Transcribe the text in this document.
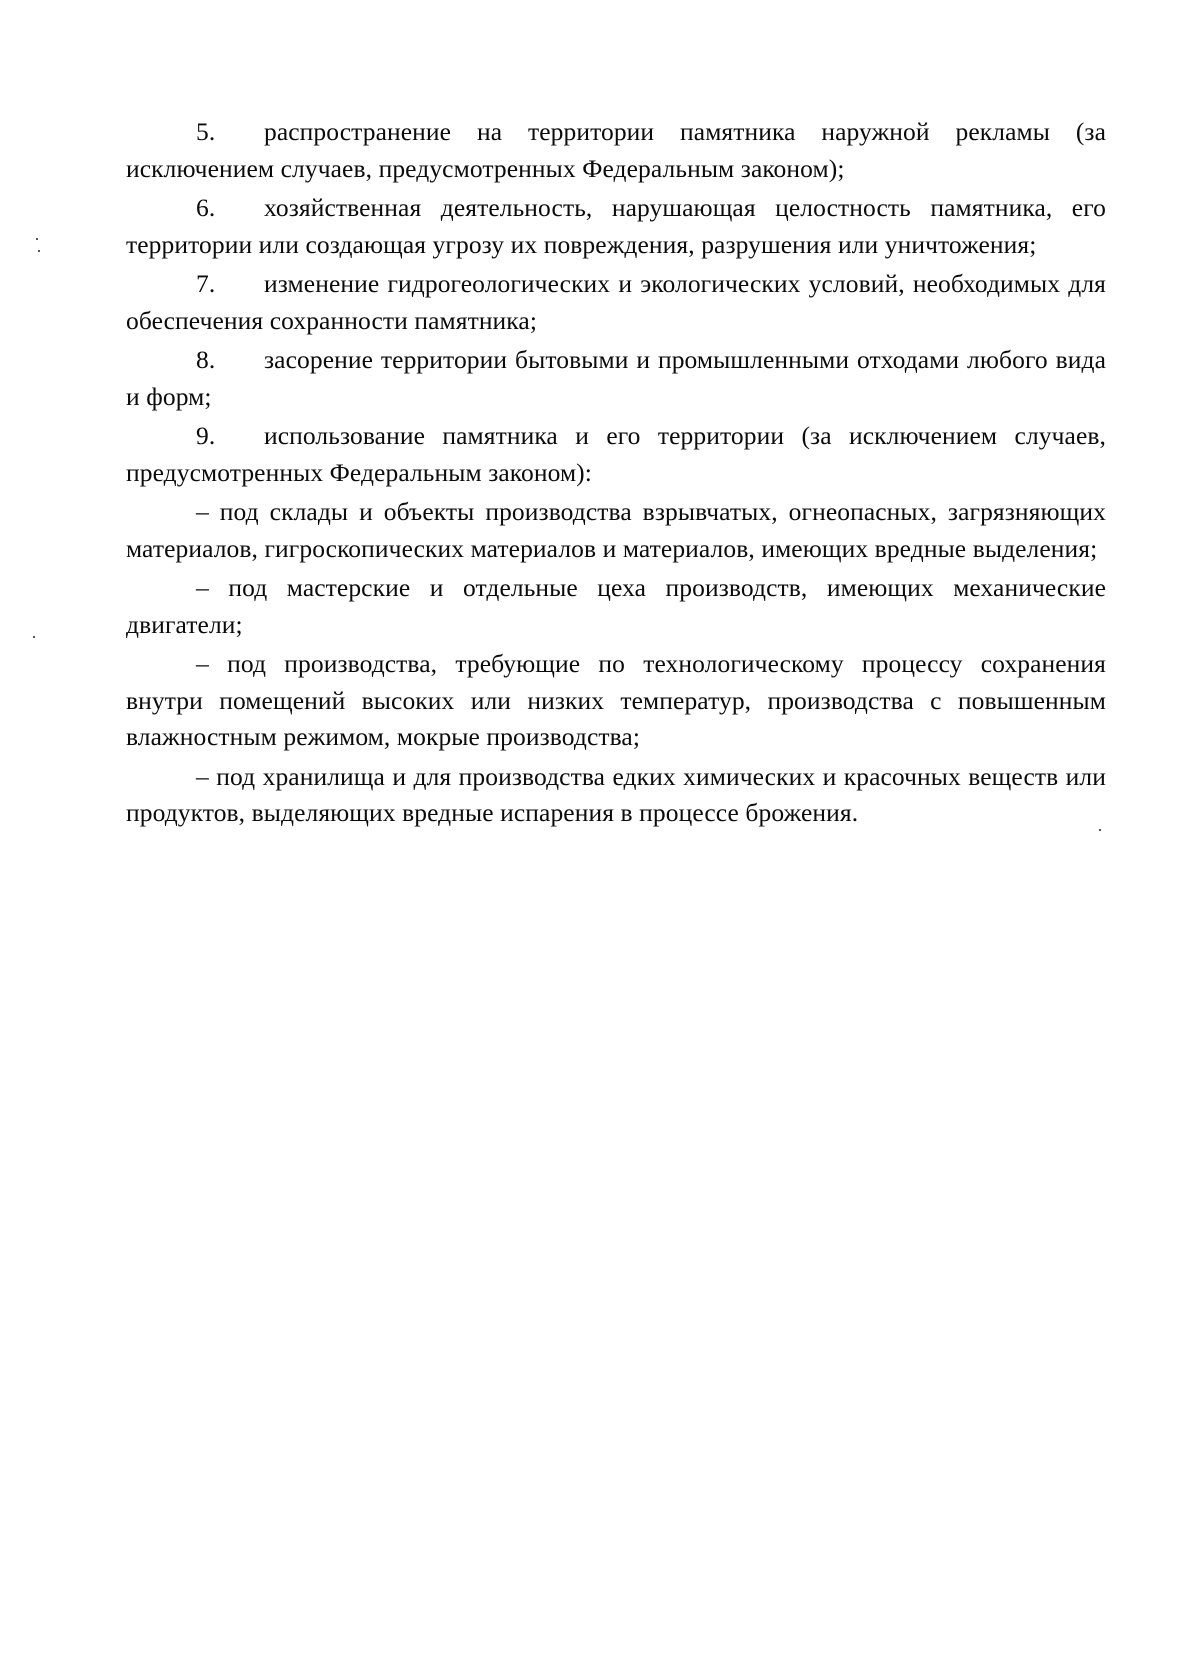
5. распространение на территории памятника наружной рекламы (за исключением случаев, предусмотренных Федеральным законом);

6. хозяйственная деятельность, нарушающая целостность памятника, его территории или создающая угрозу их повреждения, разрушения или уничтожения;

7. изменение гидрогеологических и экологических условий, необходимых для обеспечения сохранности памятника;

8. засорение территории бытовыми и промышленными отходами любого вида и форм;

9. использование памятника и его территории (за исключением случаев, предусмотренных Федеральным законом):

– под склады и объекты производства взрывчатых, огнеопасных, загрязняющих материалов, гигроскопических материалов и материалов, имеющих вредные выделения;

– под мастерские и отдельные цеха производств, имеющих механические двигатели;

– под производства, требующие по технологическому процессу сохранения внутри помещений высоких или низких температур, производства с повышенным влажностным режимом, мокрые производства;

– под хранилища и для производства едких химических и красочных веществ или продуктов, выделяющих вредные испарения в процессе брожения.
